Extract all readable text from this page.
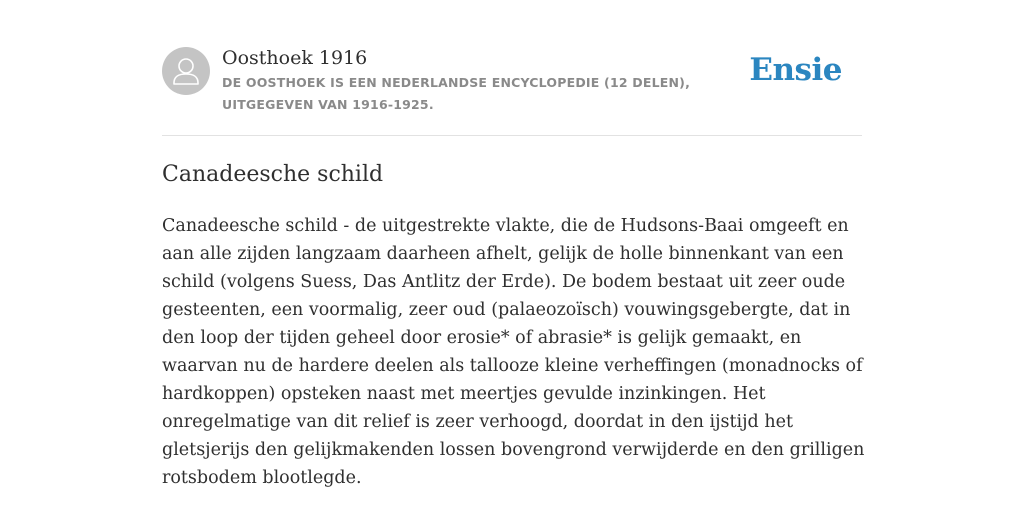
Oosthoek 1916
DE OOSTHOEK IS EEN NEDERLANDSE ENCYCLOPEDIE (12 DELEN), UITGEGEVEN VAN 1916-1925.
Ensie
Canadeesche schild

Canadeesche schild - de uitgestrekte vlakte, die de Hudsons-Baai omgeeft en aan alle zijden langzaam daarheen afhelt, gelijk de holle binnenkant van een schild (volgens Suess, Das Antlitz der Erde). De bodem bestaat uit zeer oude gesteenten, een voormalig, zeer oud (palaeozoïsch) vouwingsgebergte, dat in den loop der tijden geheel door erosie* of abrasie* is gelijk gemaakt, en waarvan nu de hardere deelen als tallooze kleine verheffingen (monadnocks of hardkoppen) opsteken naast met meertjes gevulde inzinkingen. Het onregelmatige van dit relief is zeer verhoogd, doordat in den ijstijd het gletsjerijs den gelijkmakenden lossen bovengrond verwijderde en den grilligen rotsbodem blootlegde.
